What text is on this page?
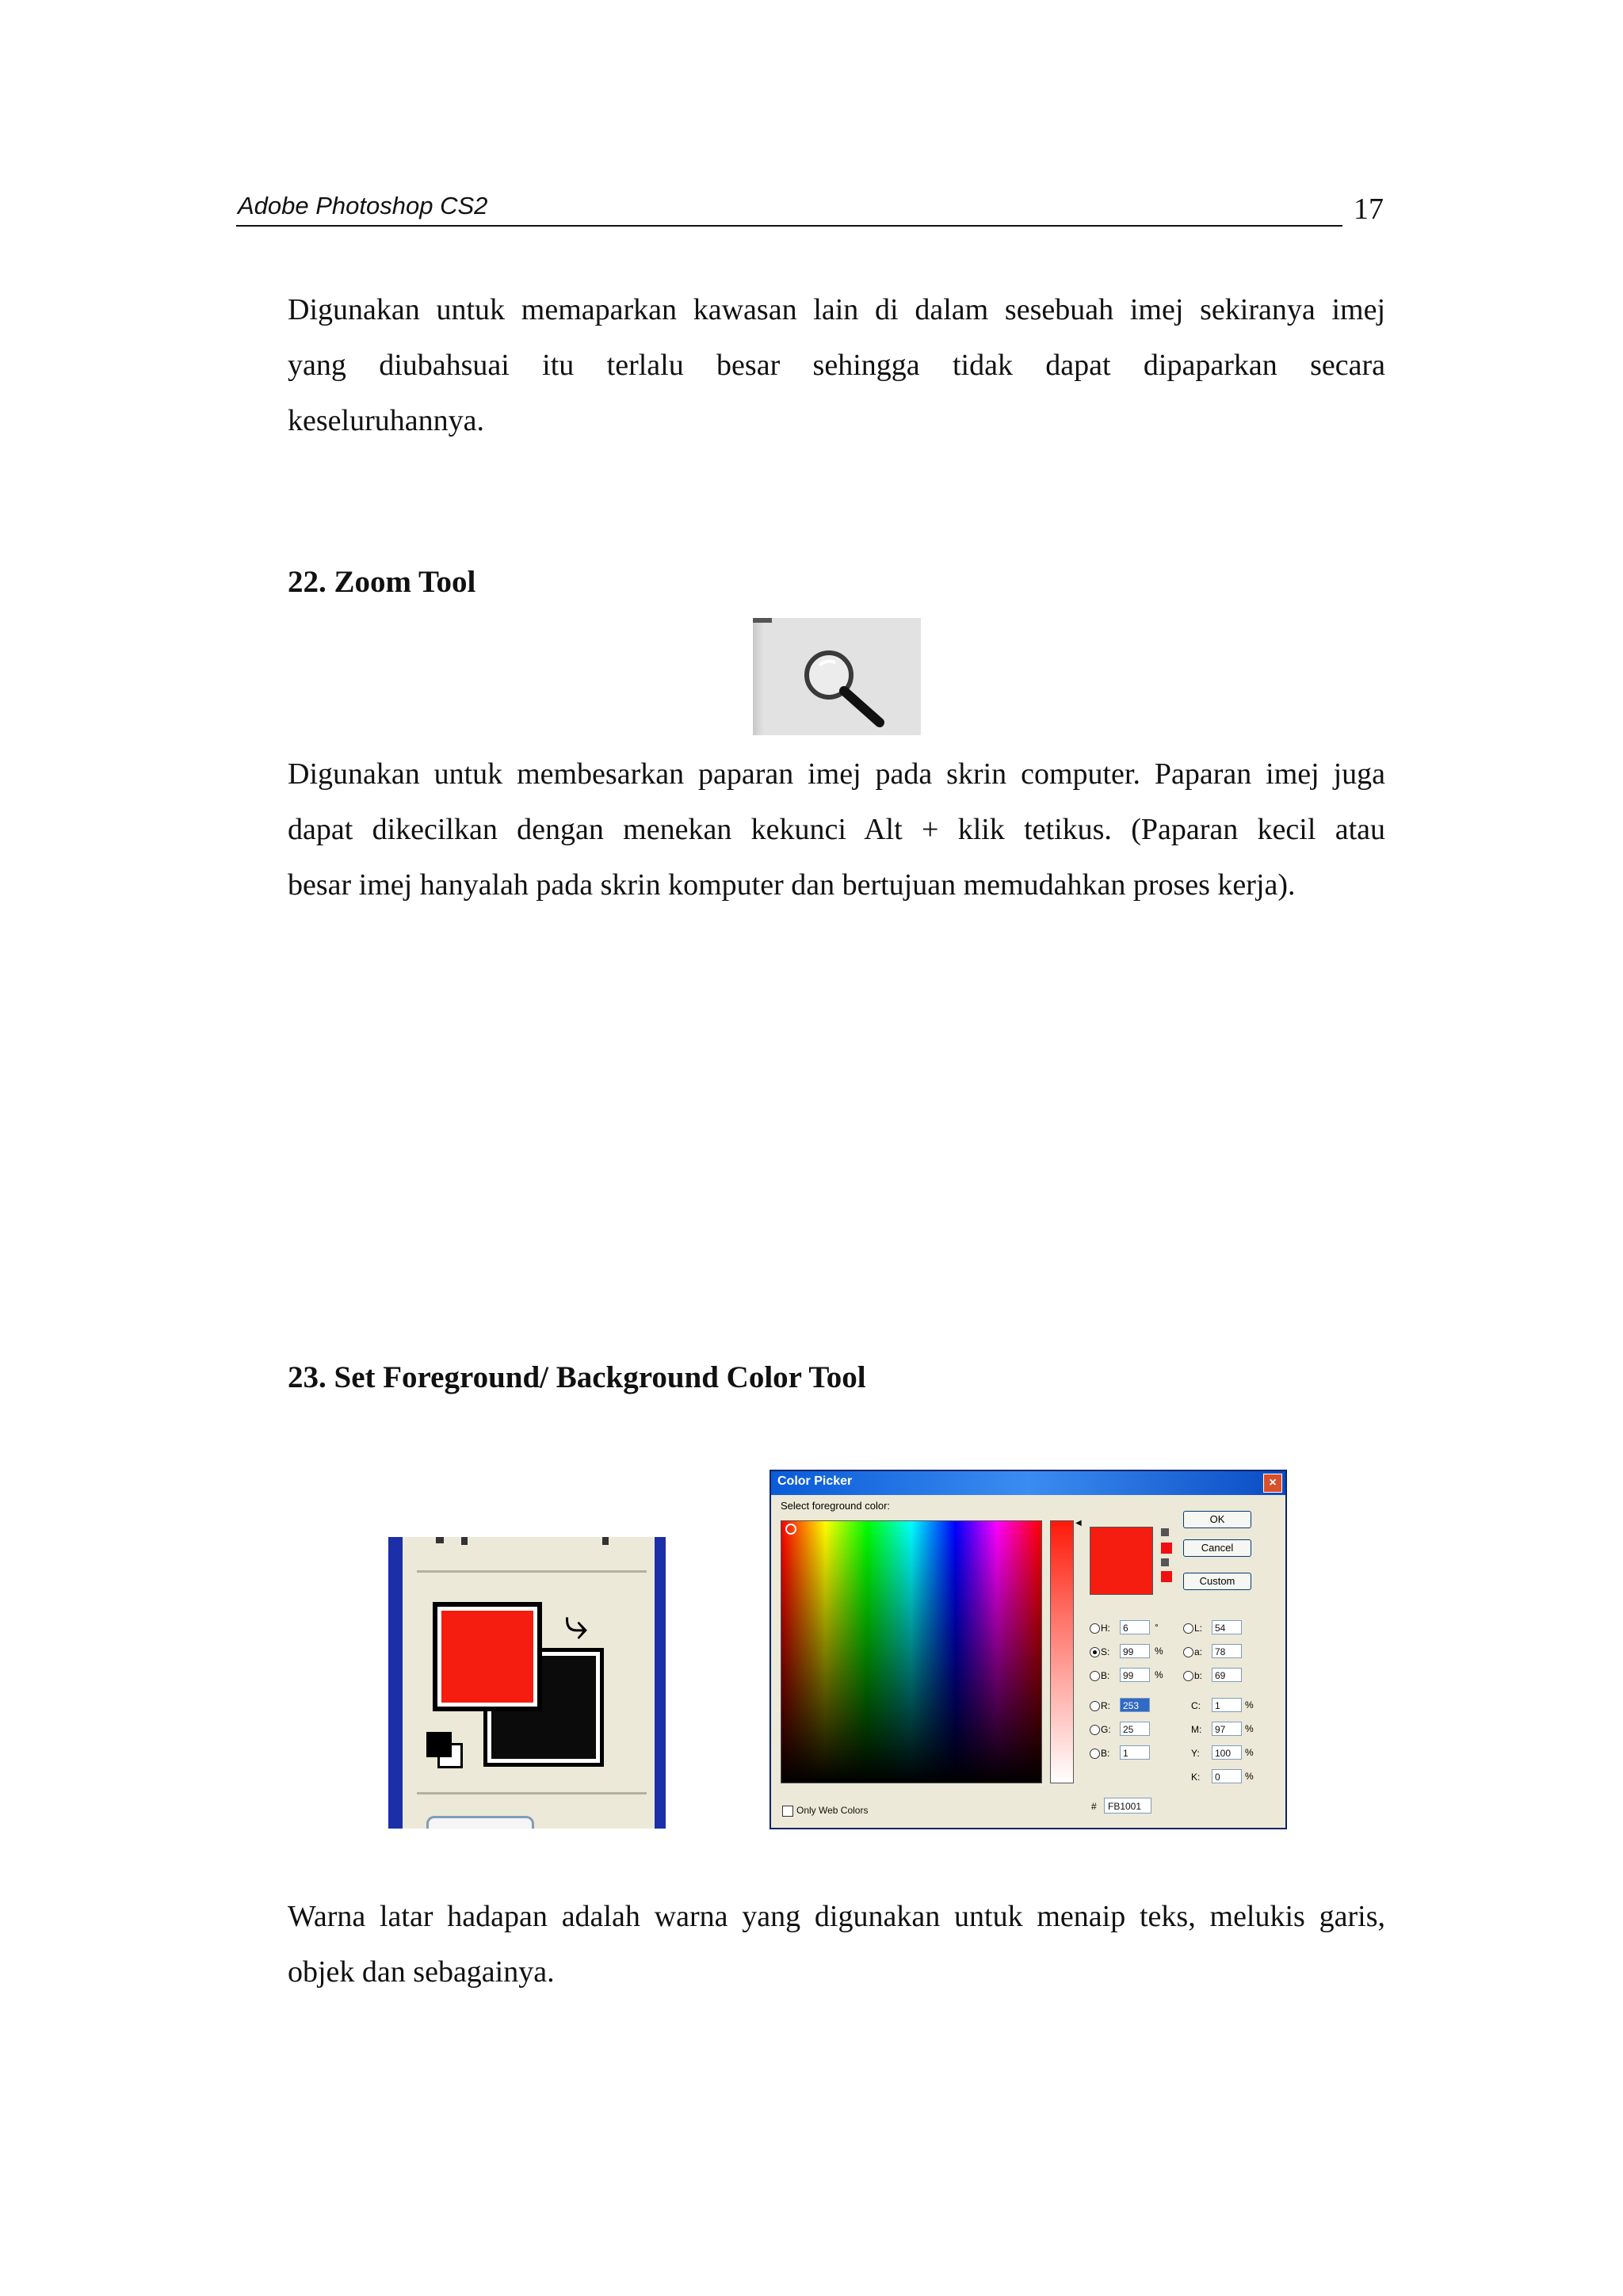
Adobe Photoshop CS2	17
Digunakan untuk memaparkan kawasan lain di dalam sesebuah imej sekiranya imej
yang diubahsuai itu terlalu besar sehingga tidak dapat dipaparkan secara
keseluruhannya.
22. Zoom Tool
Digunakan untuk membesarkan paparan imej pada skrin computer. Paparan imej juga
dapat dikecilkan dengan menekan kekunci Alt + klik tetikus. (Paparan kecil atau
besar imej hanyalah pada skrin komputer dan bertujuan memudahkan proses kerja).
23. Set Foreground/ Background Color Tool
⤷
Color Picker	×
Select foreground color:
◀	OK
Cancel
Custom
H:	6	°
S:	99	%
B:	99	%
R:	253
G:	25
B:	1
L:	54
a:	78
b:	69
C:	1	%
M:	97	%
Y:	100	%
K:	0	%
#	FB1001
Only Web Colors
Warna latar hadapan adalah warna yang digunakan untuk menaip teks, melukis garis,
objek dan sebagainya.
